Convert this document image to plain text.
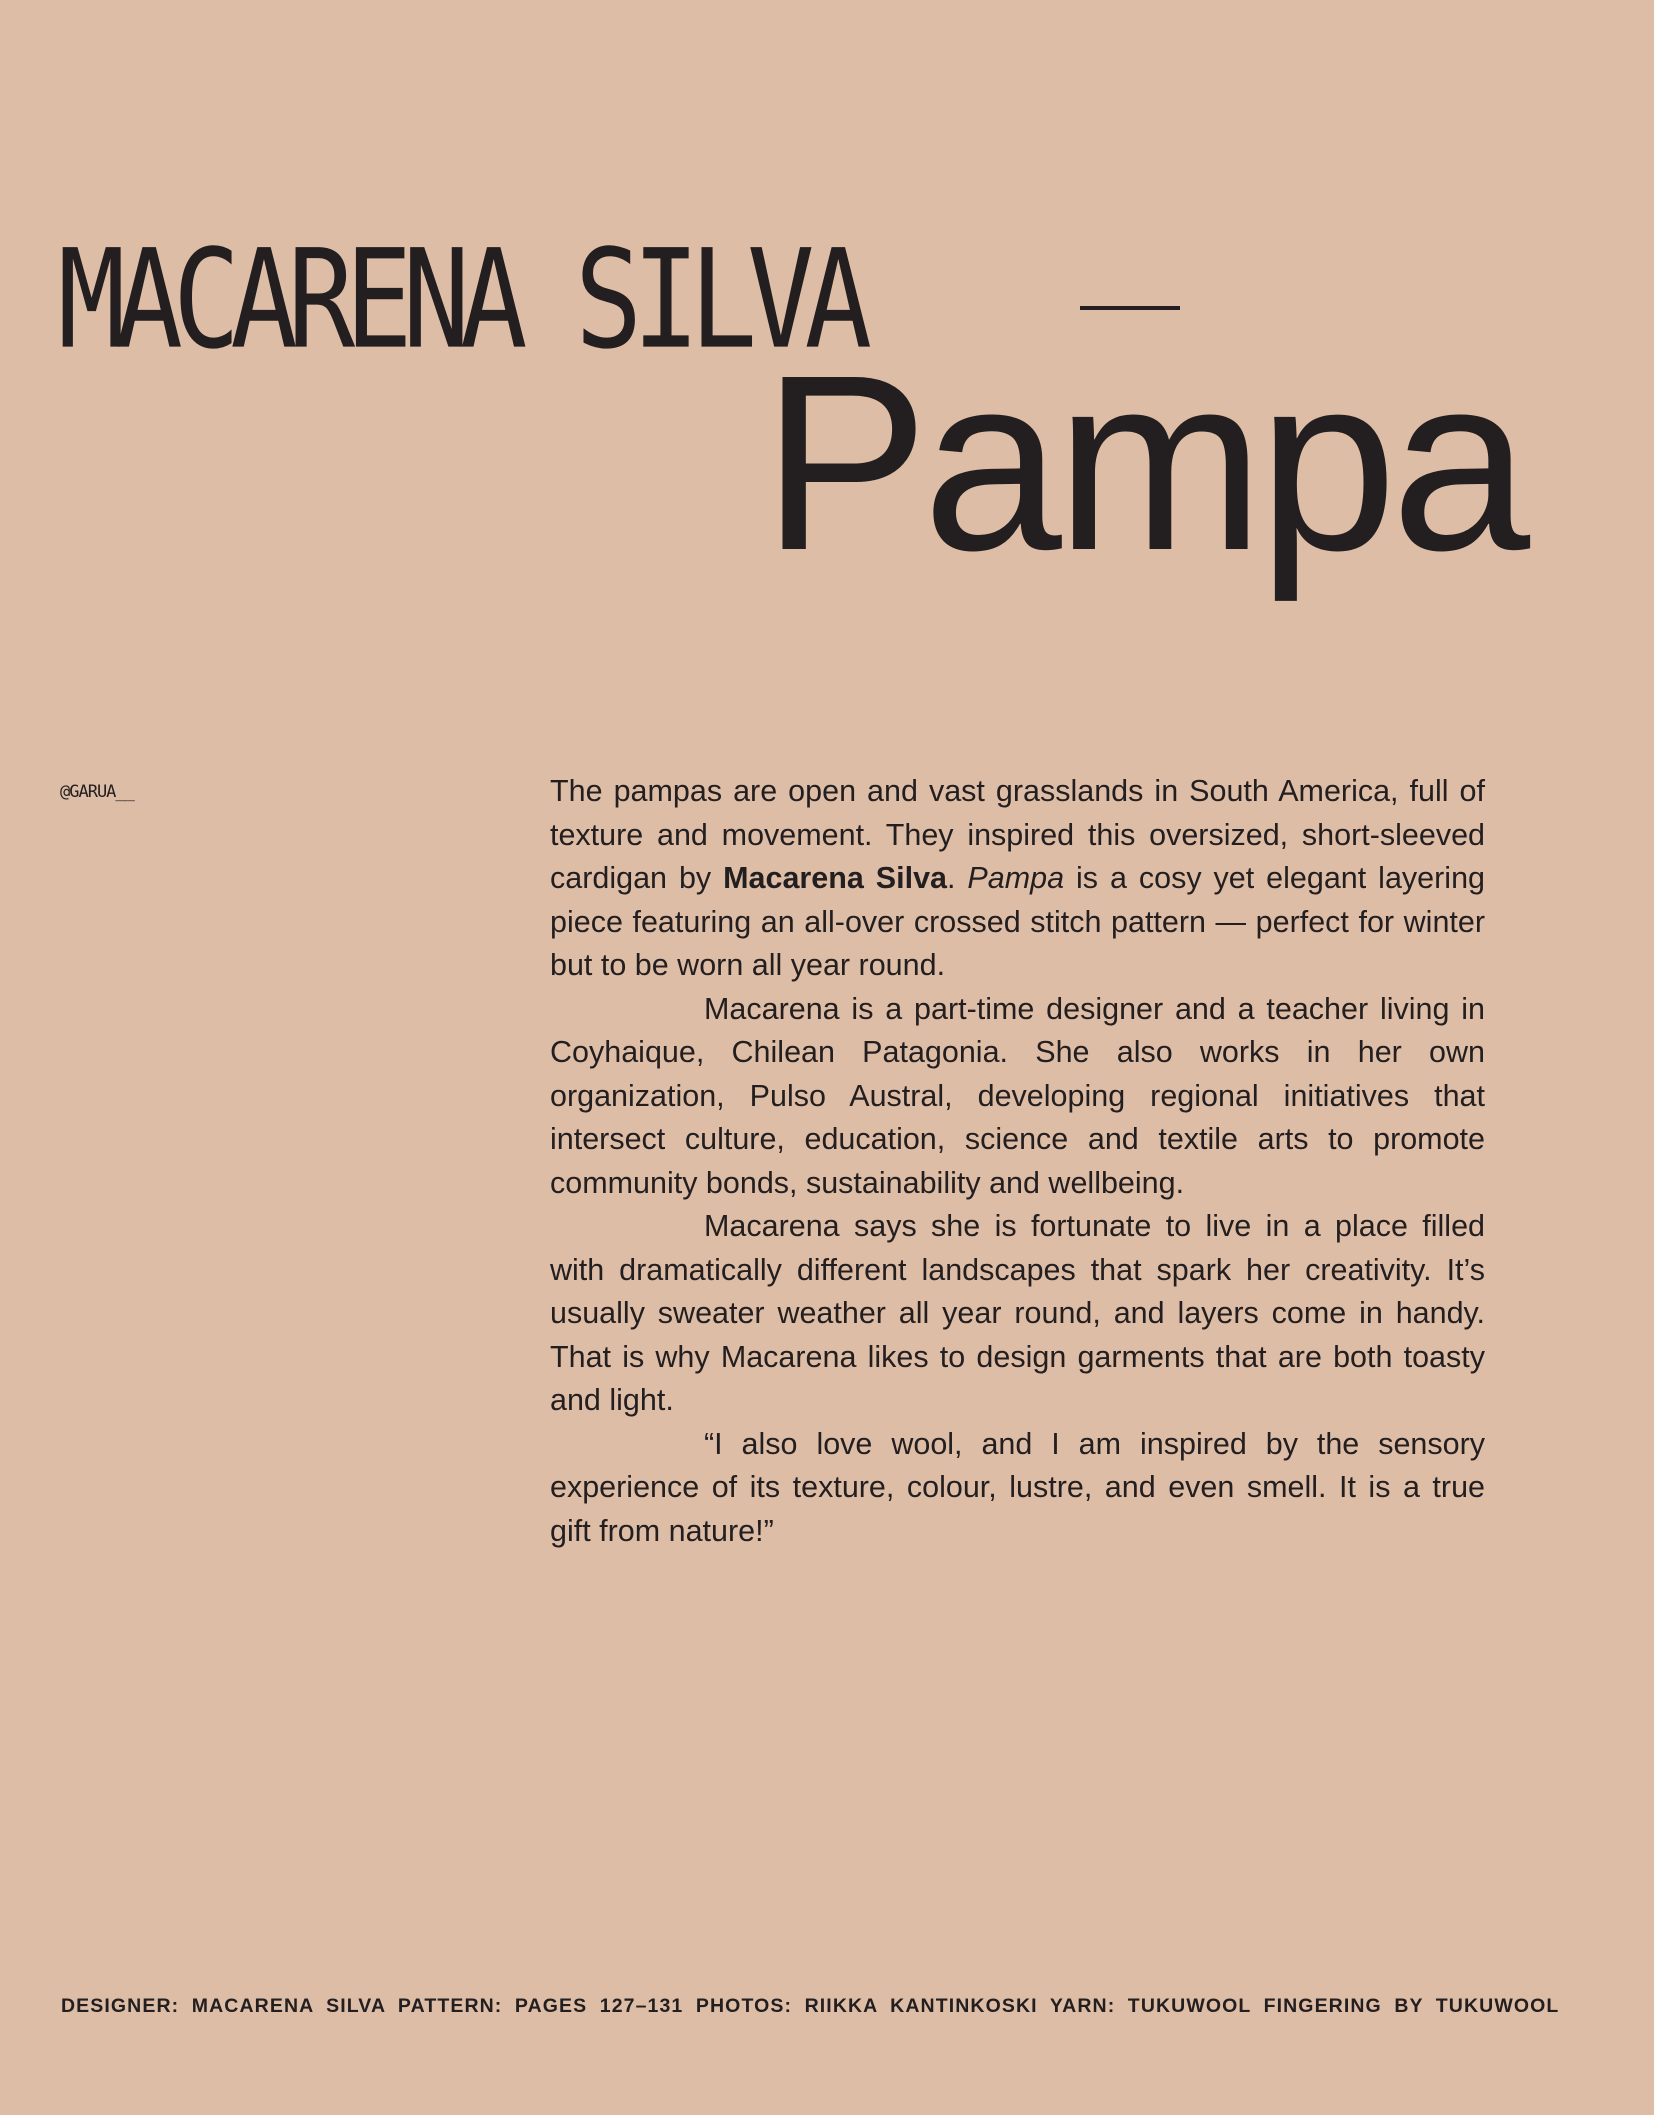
MACARENA SILVA
Pampa
@GARUA__	The pampas are open and vast grasslands in South America, full of texture and movement. They inspired this oversized, short-sleeved cardigan by Macarena Silva. Pampa is a cosy yet elegant layering piece featuring an all-over crossed stitch pattern — perfect for winter but to be worn all year round.

Macarena is a part-time designer and a teacher living in Coyhaique, Chilean Patagonia. She also works in her own organization, Pulso Austral, developing regional initiatives that intersect culture, education, science and textile arts to promote community bonds, sustainability and wellbeing.

Macarena says she is fortunate to live in a place filled with dramatically different landscapes that spark her creativity. It’s usually sweater weather all year round, and layers come in handy. That is why Macarena likes to design garments that are both toasty and light.

“I also love wool, and I am inspired by the sensory experience of its texture, colour, lustre, and even smell. It is a true gift from nature!”

DESIGNER: MACARENA SILVA PATTERN: PAGES 127–131 PHOTOS: RIIKKA KANTINKOSKI YARN: TUKUWOOL FINGERING BY TUKUWOOL
